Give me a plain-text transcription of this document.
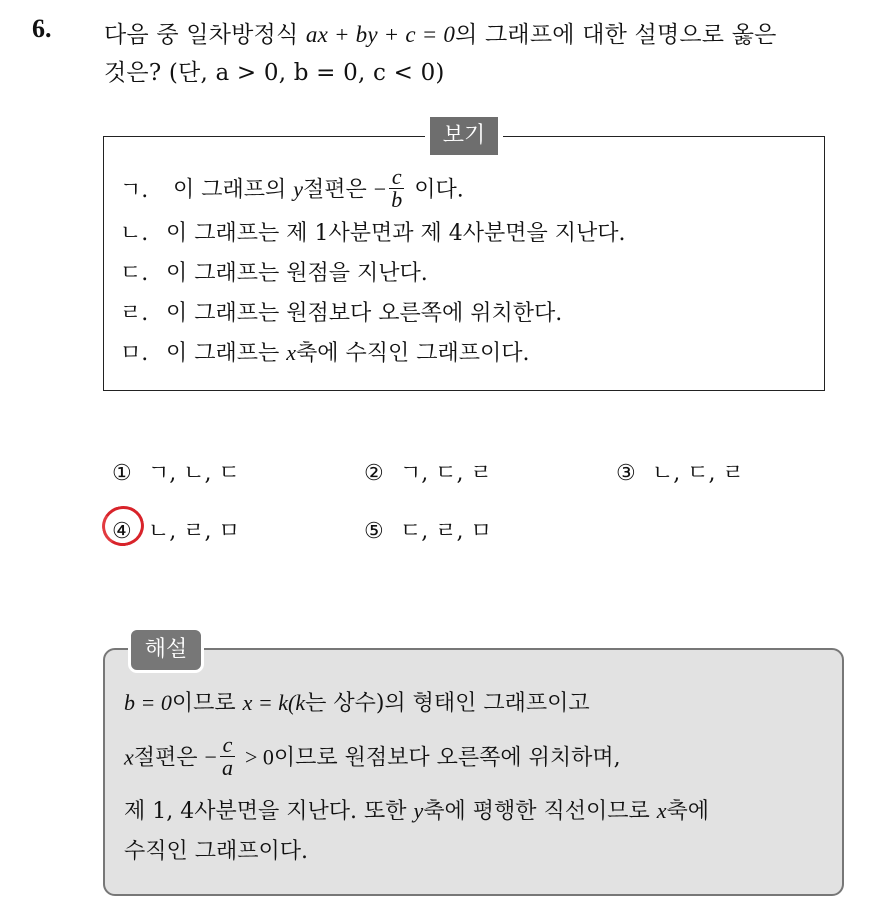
6. 다음 중 일차방정식 ax + by + c = 0의 그래프에 대한 설명으로 옳은
것은? (단, a > 0, b = 0, c < 0)
보기
ㄱ. 이 그래프의 y절편은 − $\frac{c}{b}$ 이다.
ㄴ. 이 그래프는 제 1사분면과 제 4사분면을 지난다.
ㄷ. 이 그래프는 원점을 지난다.
ㄹ. 이 그래프는 원점보다 오른쪽에 위치한다.
ㅁ. 이 그래프는 x축에 수직인 그래프이다.
① ㄱ, ㄴ, ㄷ	② ㄱ, ㄷ, ㄹ	③ ㄴ, ㄷ, ㄹ
④ ㄴ, ㄹ, ㅁ	⑤ ㄷ, ㄹ, ㅁ
해설
b = 0이므로 x = k(k는 상수)의 형태인 그래프이고
x절편은 − $\frac{c}{a} > 0$이므로 원점보다 오른쪽에 위치하며,
제 1, 4사분면을 지난다. 또한 y축에 평행한 직선이므로 x축에
수직인 그래프이다.
